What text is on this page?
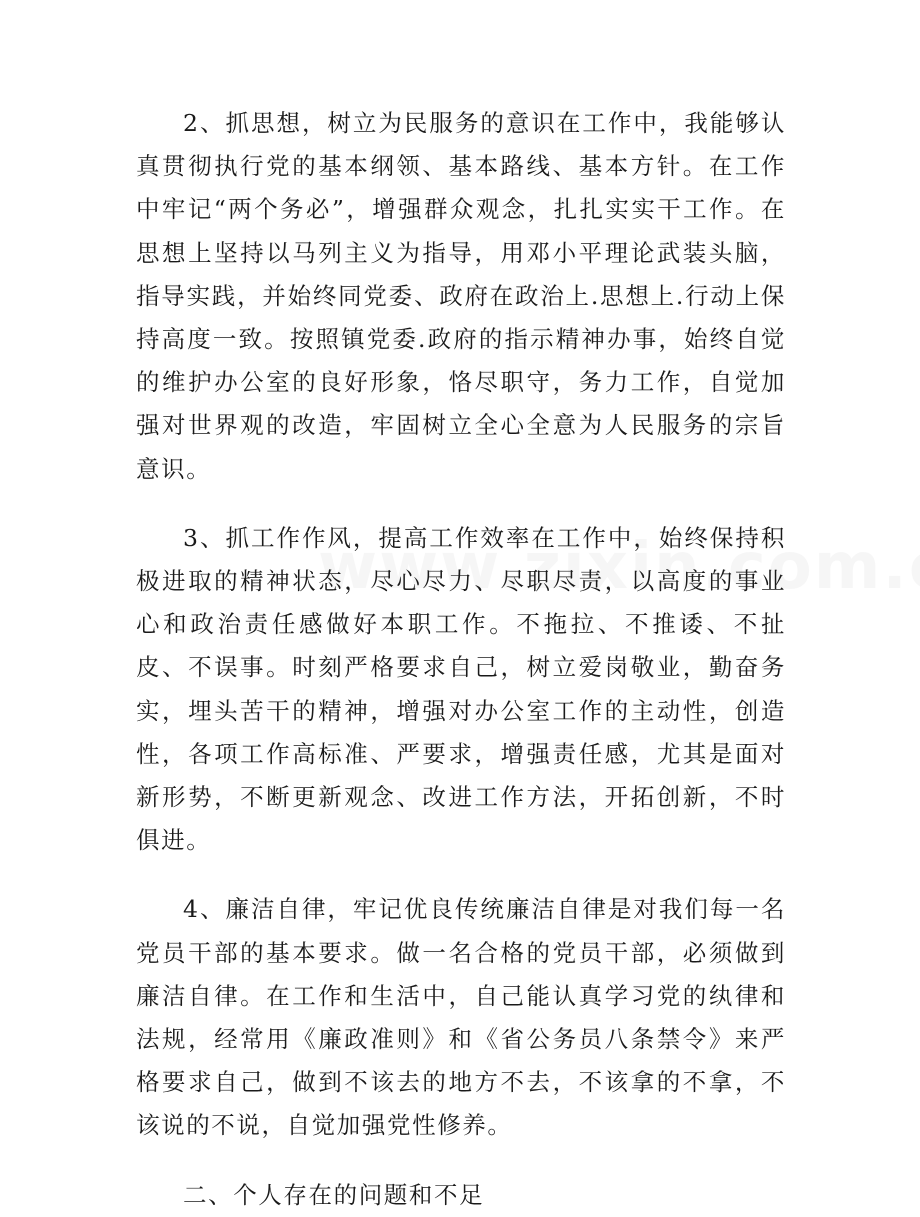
2、抓思想，树立为民服务的意识在工作中，我能够认真贯彻执行党的基本纲领、基本路线、基本方针。在工作中牢记“两个务必”，增强群众观念，扎扎实实干工作。在思想上坚持以马列主义为指导，用邓小平理论武装头脑，指导实践，并始终同党委、政府在政治上.思想上.行动上保持高度一致。按照镇党委.政府的指示精神办事，始终自觉的维护办公室的良好形象，恪尽职守，务力工作，自觉加强对世界观的改造，牢固树立全心全意为人民服务的宗旨意识。

3、抓工作作风，提高工作效率在工作中，始终保持积极进取的精神状态，尽心尽力、尽职尽责，以高度的事业心和政治责任感做好本职工作。不拖拉、不推诿、不扯皮、不误事。时刻严格要求自己，树立爱岗敬业，勤奋务实，埋头苦干的精神，增强对办公室工作的主动性，创造性，各项工作高标准、严要求，增强责任感，尤其是面对新形势，不断更新观念、改进工作方法，开拓创新，不时俱进。

4、廉洁自律，牢记优良传统廉洁自律是对我们每一名党员干部的基本要求。做一名合格的党员干部，必须做到廉洁自律。在工作和生活中，自己能认真学习党的纨律和法规，经常用《廉政准则》和《省公务员八条禁令》来严格要求自己，做到不该去的地方不去，不该拿的不拿，不该说的不说，自觉加强党性修养。

二、个人存在的问题和不足
